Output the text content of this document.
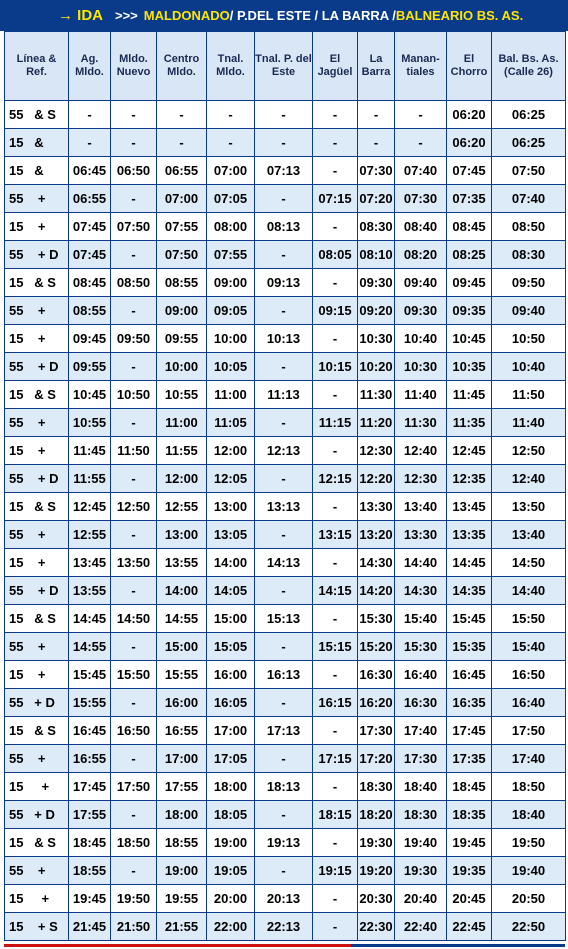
→ IDA >>> MALDONADO / P.DEL ESTE / LA BARRA / BALNEARIO BS. AS.
Línea & Ref.	Ag. Mldo.	Mldo. Nuevo	Centro Mldo.	Tnal. Mldo.	Tnal. P. del Este	El Jagüel	La Barra	Manan- tiales	El Chorro	Bal. Bs. As. (Calle 26)
55   & S	-	-	-	-	-	-	-	-	06:20	06:25
15   &	-	-	-	-	-	-	-	-	06:20	06:25
15   &	06:45	06:50	06:55	07:00	07:13	-	07:30	07:40	07:45	07:50
55    +	06:55	-	07:00	07:05	-	07:15	07:20	07:30	07:35	07:40
15    +	07:45	07:50	07:55	08:00	08:13	-	08:30	08:40	08:45	08:50
55    + D	07:45	-	07:50	07:55	-	08:05	08:10	08:20	08:25	08:30
15   & S	08:45	08:50	08:55	09:00	09:13	-	09:30	09:40	09:45	09:50
55    +	08:55	-	09:00	09:05	-	09:15	09:20	09:30	09:35	09:40
15    +	09:45	09:50	09:55	10:00	10:13	-	10:30	10:40	10:45	10:50
55    + D	09:55	-	10:00	10:05	-	10:15	10:20	10:30	10:35	10:40
15   & S	10:45	10:50	10:55	11:00	11:13	-	11:30	11:40	11:45	11:50
55    +	10:55	-	11:00	11:05	-	11:15	11:20	11:30	11:35	11:40
15    +	11:45	11:50	11:55	12:00	12:13	-	12:30	12:40	12:45	12:50
55    + D	11:55	-	12:00	12:05	-	12:15	12:20	12:30	12:35	12:40
15   & S	12:45	12:50	12:55	13:00	13:13	-	13:30	13:40	13:45	13:50
55    +	12:55	-	13:00	13:05	-	13:15	13:20	13:30	13:35	13:40
15    +	13:45	13:50	13:55	14:00	14:13	-	14:30	14:40	14:45	14:50
55    + D	13:55	-	14:00	14:05	-	14:15	14:20	14:30	14:35	14:40
15   & S	14:45	14:50	14:55	15:00	15:13	-	15:30	15:40	15:45	15:50
55    +	14:55	-	15:00	15:05	-	15:15	15:20	15:30	15:35	15:40
15    +	15:45	15:50	15:55	16:00	16:13	-	16:30	16:40	16:45	16:50
55   + D	15:55	-	16:00	16:05	-	16:15	16:20	16:30	16:35	16:40
15   & S	16:45	16:50	16:55	17:00	17:13	-	17:30	17:40	17:45	17:50
55    +	16:55	-	17:00	17:05	-	17:15	17:20	17:30	17:35	17:40
15     +	17:45	17:50	17:55	18:00	18:13	-	18:30	18:40	18:45	18:50
55   + D	17:55	-	18:00	18:05	-	18:15	18:20	18:30	18:35	18:40
15   & S	18:45	18:50	18:55	19:00	19:13	-	19:30	19:40	19:45	19:50
55    +	18:55	-	19:00	19:05	-	19:15	19:20	19:30	19:35	19:40
15     +	19:45	19:50	19:55	20:00	20:13	-	20:30	20:40	20:45	20:50
15    + S	21:45	21:50	21:55	22:00	22:13	-	22:30	22:40	22:45	22:50
